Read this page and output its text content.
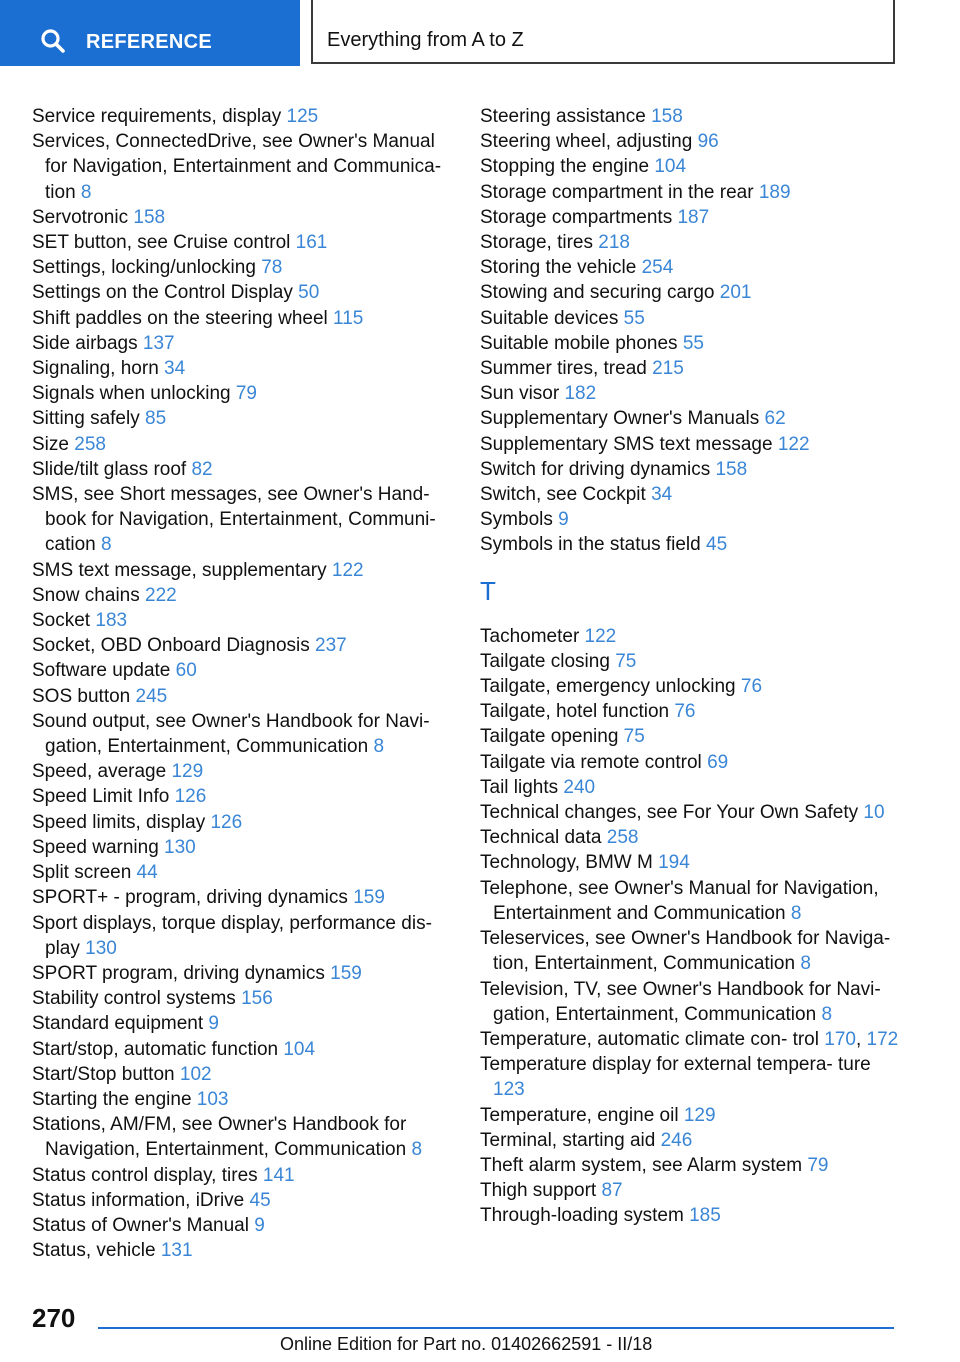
REFERENCE	Everything from A to Z
Service requirements, display 125
Services, ConnectedDrive, see Owner's Manual for Navigation, Entertainment and Communica- tion 8
Servotronic 158
SET button, see Cruise control 161
Settings, locking/unlocking 78
Settings on the Control Display 50
Shift paddles on the steering wheel 115
Side airbags 137
Signaling, horn 34
Signals when unlocking 79
Sitting safely 85
Size 258
Slide/tilt glass roof 82
SMS, see Short messages, see Owner's Hand- book for Navigation, Entertainment, Communi- cation 8
SMS text message, supplementary 122
Snow chains 222
Socket 183
Socket, OBD Onboard Diagnosis 237
Software update 60
SOS button 245
Sound output, see Owner's Handbook for Navi- gation, Entertainment, Communication 8
Speed, average 129
Speed Limit Info 126
Speed limits, display 126
Speed warning 130
Split screen 44
SPORT+ - program, driving dynamics 159
Sport displays, torque display, performance dis- play 130
SPORT program, driving dynamics 159
Stability control systems 156
Standard equipment 9
Start/stop, automatic function 104
Start/Stop button 102
Starting the engine 103
Stations, AM/FM, see Owner's Handbook for Navigation, Entertainment, Communication 8
Status control display, tires 141
Status information, iDrive 45
Status of Owner's Manual 9
Status, vehicle 131
Steering assistance 158
Steering wheel, adjusting 96
Stopping the engine 104
Storage compartment in the rear 189
Storage compartments 187
Storage, tires 218
Storing the vehicle 254
Stowing and securing cargo 201
Suitable devices 55
Suitable mobile phones 55
Summer tires, tread 215
Sun visor 182
Supplementary Owner's Manuals 62
Supplementary SMS text message 122
Switch for driving dynamics 158
Switch, see Cockpit 34
Symbols 9
Symbols in the status field 45
T
Tachometer 122
Tailgate closing 75
Tailgate, emergency unlocking 76
Tailgate, hotel function 76
Tailgate opening 75
Tailgate via remote control 69
Tail lights 240
Technical changes, see For Your Own Safety 10
Technical data 258
Technology, BMW M 194
Telephone, see Owner's Manual for Navigation, Entertainment and Communication 8
Teleservices, see Owner's Handbook for Naviga- tion, Entertainment, Communication 8
Television, TV, see Owner's Handbook for Navi- gation, Entertainment, Communication 8
Temperature, automatic climate con- trol 170, 172
Temperature display for external tempera- ture 123
Temperature, engine oil 129
Terminal, starting aid 246
Theft alarm system, see Alarm system 79
Thigh support 87
Through-loading system 185
270
Online Edition for Part no. 01402662591 - II/18
